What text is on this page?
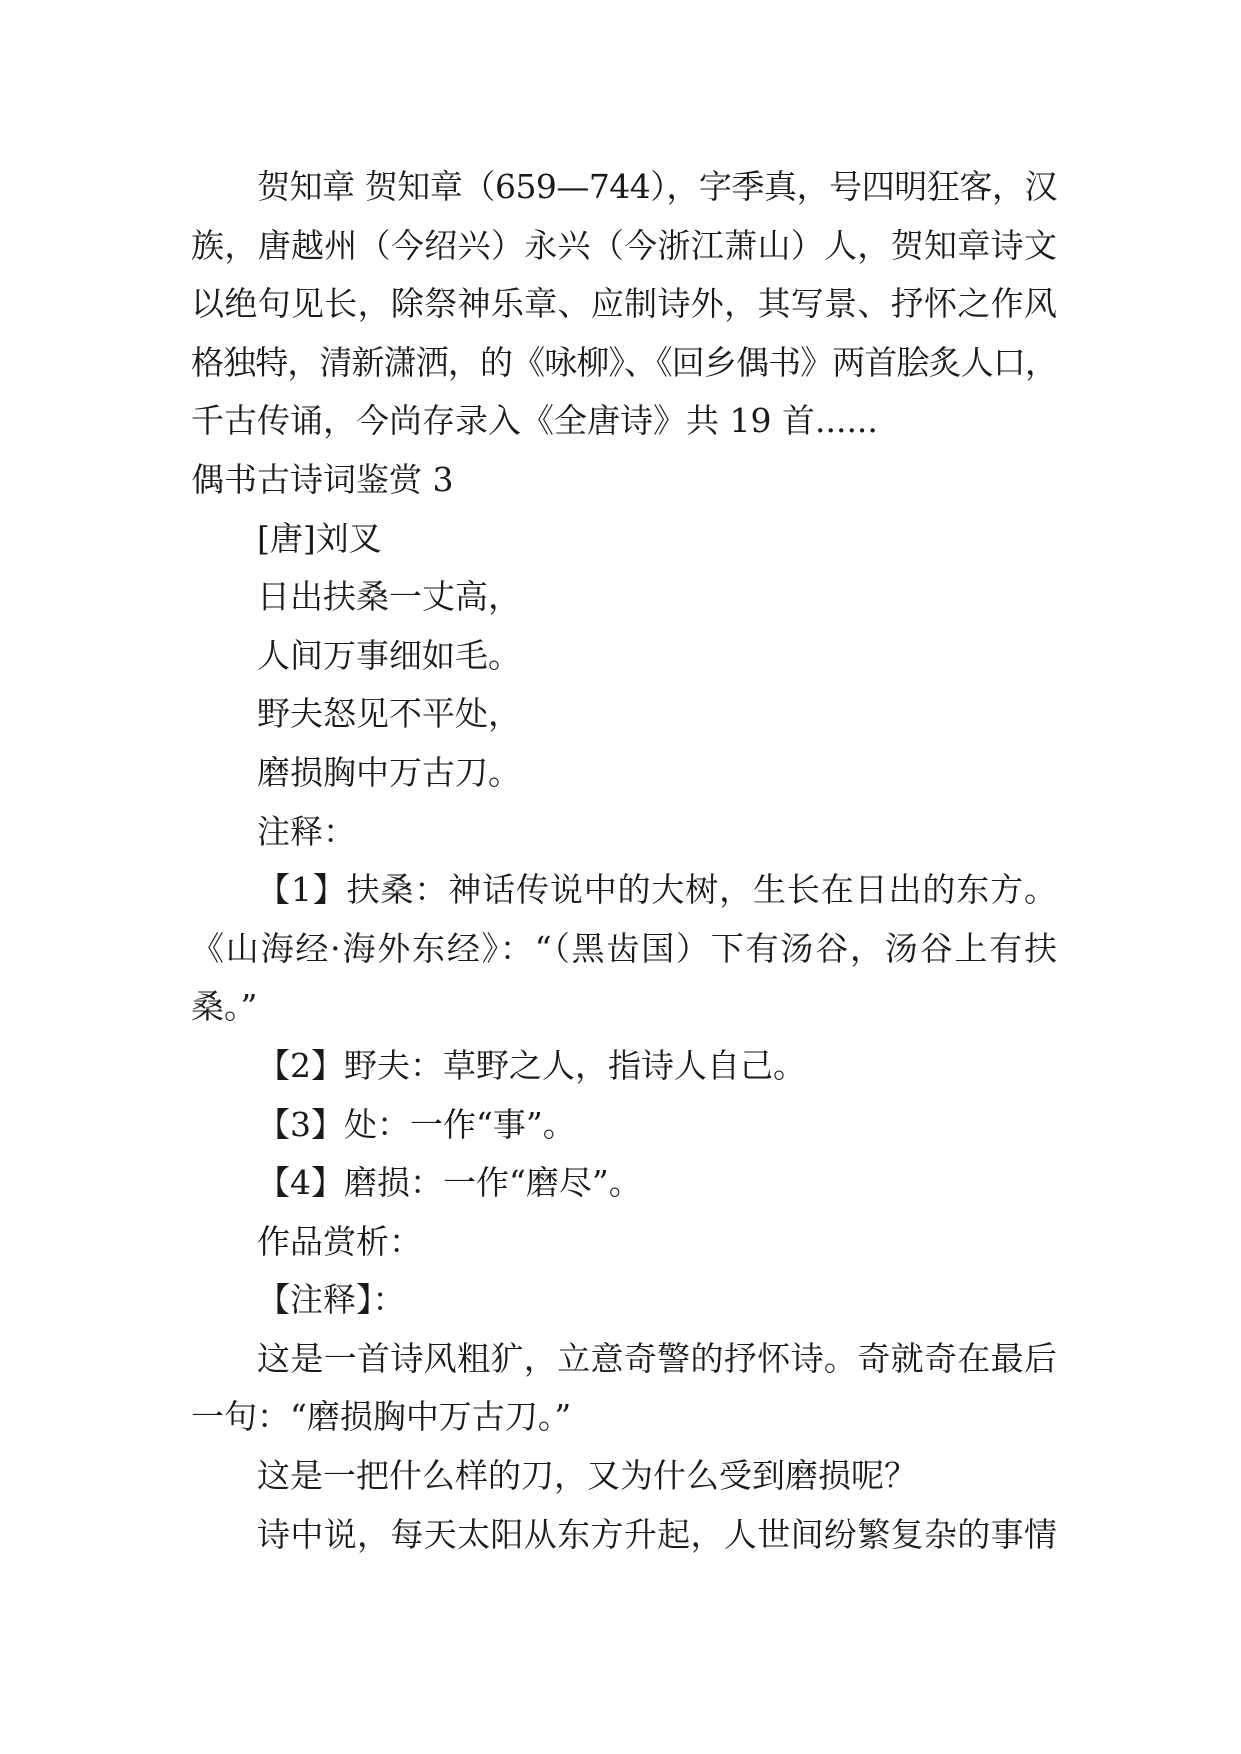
贺知章 贺知章（659—744），字季真，号四明狂客，汉
族，唐越州（今绍兴）永兴（今浙江萧山）人，贺知章诗文
以绝句见长，除祭神乐章、应制诗外，其写景、抒怀之作风
格独特，清新潇洒，的《咏柳》、《回乡偶书》两首脍炙人口，
千古传诵，今尚存录入《全唐诗》共 19 首......
偶书古诗词鉴赏 3
[唐]刘叉
日出扶桑一丈高，
人间万事细如毛。
野夫怒见不平处，
磨损胸中万古刀。
注释：
【1】扶桑：神话传说中的大树，生长在日出的东方。
《山海经·海外东经》：“（黑齿国）下有汤谷，汤谷上有扶
桑。”
【2】野夫：草野之人，指诗人自己。
【3】处：一作“事”。
【4】磨损：一作“磨尽”。
作品赏析：
【注释】：
这是一首诗风粗犷，立意奇警的抒怀诗。奇就奇在最后
一句：“磨损胸中万古刀。”
这是一把什么样的刀，又为什么受到磨损呢？
诗中说，每天太阳从东方升起，人世间纷繁复杂的事情
